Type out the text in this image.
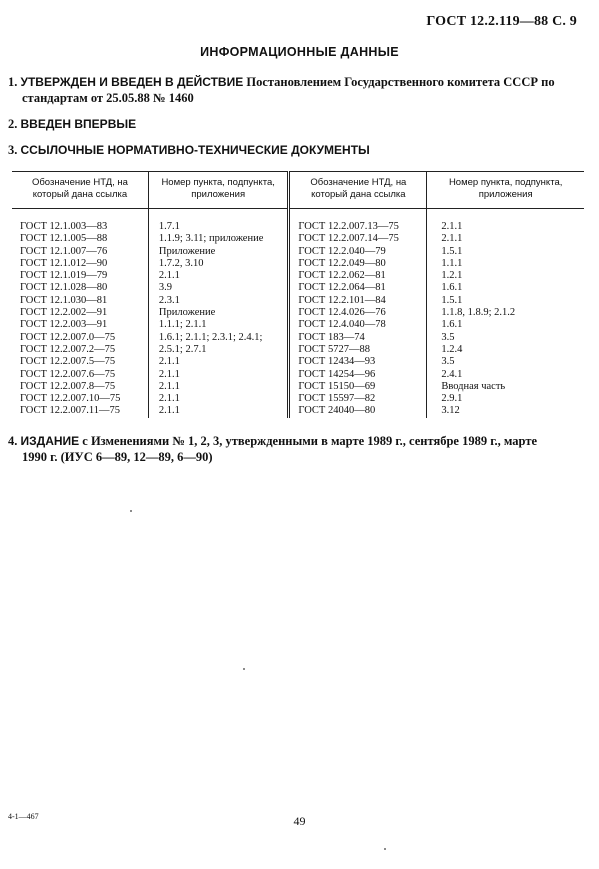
ГОСТ 12.2.119—88 С. 9
ИНФОРМАЦИОННЫЕ ДАННЫЕ
1. УТВЕРЖДЕН И ВВЕДЕН В ДЕЙСТВИЕ Постановлением Государственного комитета СССР по
стандартам от 25.05.88 № 1460
2. ВВЕДЕН ВПЕРВЫЕ
3. ССЫЛОЧНЫЕ НОРМАТИВНО-ТЕХНИЧЕСКИЕ ДОКУМЕНТЫ
Обозначение НТД, на который дана ссылка	Номер пункта, подпункта, приложения	Обозначение НТД, на который дана ссылка	Номер пункта, подпункта, приложения
ГОСТ 12.1.003—83	1.7.1	ГОСТ 12.2.007.13—75	2.1.1
ГОСТ 12.1.005—88	1.1.9; 3.11; приложение	ГОСТ 12.2.007.14—75	2.1.1
ГОСТ 12.1.007—76	Приложение	ГОСТ 12.2.040—79	1.5.1
ГОСТ 12.1.012—90	1.7.2, 3.10	ГОСТ 12.2.049—80	1.1.1
ГОСТ 12.1.019—79	2.1.1	ГОСТ 12.2.062—81	1.2.1
ГОСТ 12.1.028—80	3.9	ГОСТ 12.2.064—81	1.6.1
ГОСТ 12.1.030—81	2.3.1	ГОСТ 12.2.101—84	1.5.1
ГОСТ 12.2.002—91	Приложение	ГОСТ 12.4.026—76	1.1.8, 1.8.9; 2.1.2
ГОСТ 12.2.003—91	1.1.1; 2.1.1	ГОСТ 12.4.040—78	1.6.1
ГОСТ 12.2.007.0—75	1.6.1; 2.1.1; 2.3.1; 2.4.1;	ГОСТ 183—74	3.5
ГОСТ 12.2.007.2—75	2.5.1; 2.7.1	ГОСТ 5727—88	1.2.4
ГОСТ 12.2.007.5—75	2.1.1	ГОСТ 12434—93	3.5
ГОСТ 12.2.007.6—75	2.1.1	ГОСТ 14254—96	2.4.1
ГОСТ 12.2.007.8—75	2.1.1	ГОСТ 15150—69	Вводная часть
ГОСТ 12.2.007.10—75	2.1.1	ГОСТ 15597—82	2.9.1
ГОСТ 12.2.007.11—75	2.1.1	ГОСТ 24040—80	3.12
4. ИЗДАНИЕ с Изменениями № 1, 2, 3, утвержденными в марте 1989 г., сентябре 1989 г., марте
1990 г. (ИУС 6—89, 12—89, 6—90)
4-1—467	49
